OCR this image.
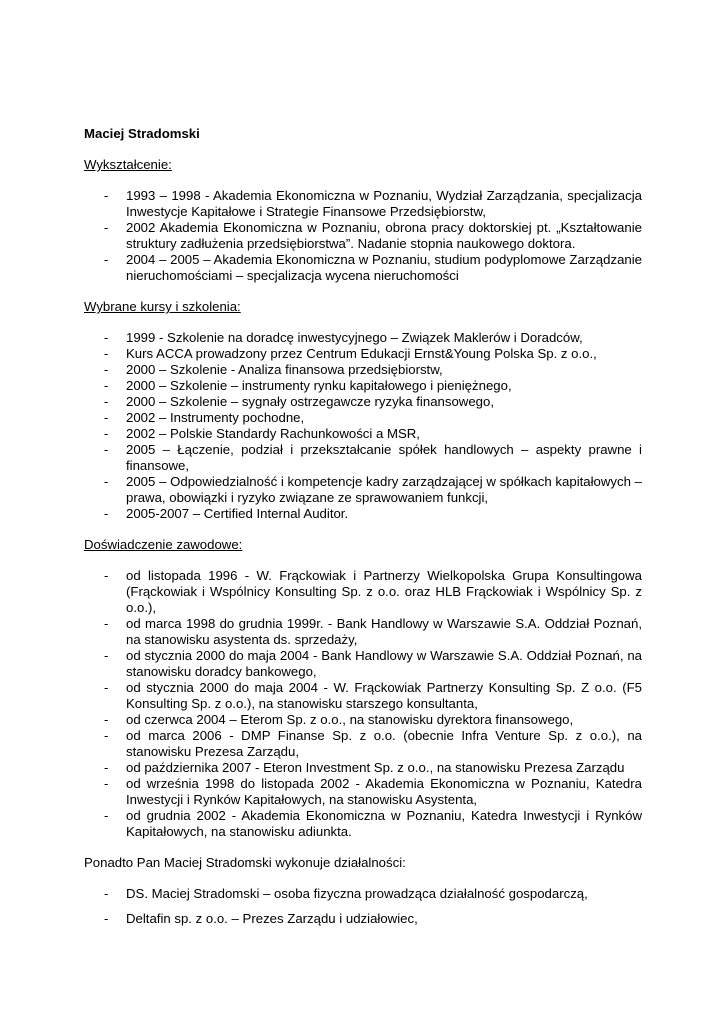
Maciej Stradomski
Wykształcenie:
- 1993 – 1998 - Akademia Ekonomiczna w Poznaniu, Wydział Zarządzania, specjalizacja Inwestycje Kapitałowe i Strategie Finansowe Przedsiębiorstw,
- 2002 Akademia Ekonomiczna w Poznaniu, obrona pracy doktorskiej pt. „Kształtowanie struktury zadłużenia przedsiębiorstwa”. Nadanie stopnia naukowego doktora.
- 2004 – 2005 – Akademia Ekonomiczna w Poznaniu, studium podyplomowe Zarządzanie nieruchomościami – specjalizacja wycena nieruchomości
Wybrane kursy i szkolenia:
- 1999 - Szkolenie na doradcę inwestycyjnego – Związek Maklerów i Doradców,
- Kurs ACCA prowadzony przez Centrum Edukacji Ernst&Young Polska Sp. z o.o.,
- 2000 – Szkolenie - Analiza finansowa przedsiębiorstw,
- 2000 – Szkolenie – instrumenty rynku kapitałowego i pieniężnego,
- 2000 – Szkolenie – sygnały ostrzegawcze ryzyka finansowego,
- 2002 – Instrumenty pochodne,
- 2002 – Polskie Standardy Rachunkowości a MSR,
- 2005 – Łączenie, podział i przekształcanie spółek handlowych – aspekty prawne i finansowe,
- 2005 – Odpowiedzialność i kompetencje kadry zarządzającej w spółkach kapitałowych – prawa, obowiązki i ryzyko związane ze sprawowaniem funkcji,
- 2005-2007 – Certified Internal Auditor.
Doświadczenie zawodowe:
- od listopada 1996 - W. Frąckowiak i Partnerzy Wielkopolska Grupa Konsultingowa (Frąckowiak i Wspólnicy Konsulting Sp. z o.o. oraz HLB Frąckowiak i Wspólnicy Sp. z o.o.),
- od marca 1998 do grudnia 1999r. - Bank Handlowy w Warszawie S.A. Oddział Poznań, na stanowisku asystenta ds. sprzedaży,
- od stycznia 2000 do maja 2004 - Bank Handlowy w Warszawie S.A. Oddział Poznań, na stanowisku doradcy bankowego,
- od stycznia 2000 do maja 2004 - W. Frąckowiak Partnerzy Konsulting Sp. Z o.o. (F5 Konsulting Sp. z o.o.), na stanowisku starszego konsultanta,
- od czerwca 2004 – Eterom Sp. z o.o., na stanowisku dyrektora finansowego,
- od marca 2006 - DMP Finanse Sp. z o.o. (obecnie Infra Venture Sp. z o.o.), na stanowisku Prezesa Zarządu,
- od października 2007 - Eteron Investment Sp. z o.o., na stanowisku Prezesa Zarządu
- od września 1998 do listopada 2002 - Akademia Ekonomiczna w Poznaniu, Katedra Inwestycji i Rynków Kapitałowych, na stanowisku Asystenta,
- od grudnia 2002 - Akademia Ekonomiczna w Poznaniu, Katedra Inwestycji i Rynków Kapitałowych, na stanowisku adiunkta.
Ponadto Pan Maciej Stradomski wykonuje działalności:
- DS. Maciej Stradomski – osoba fizyczna prowadząca działalność gospodarczą,
- Deltafin sp. z o.o. – Prezes Zarządu i udziałowiec,
